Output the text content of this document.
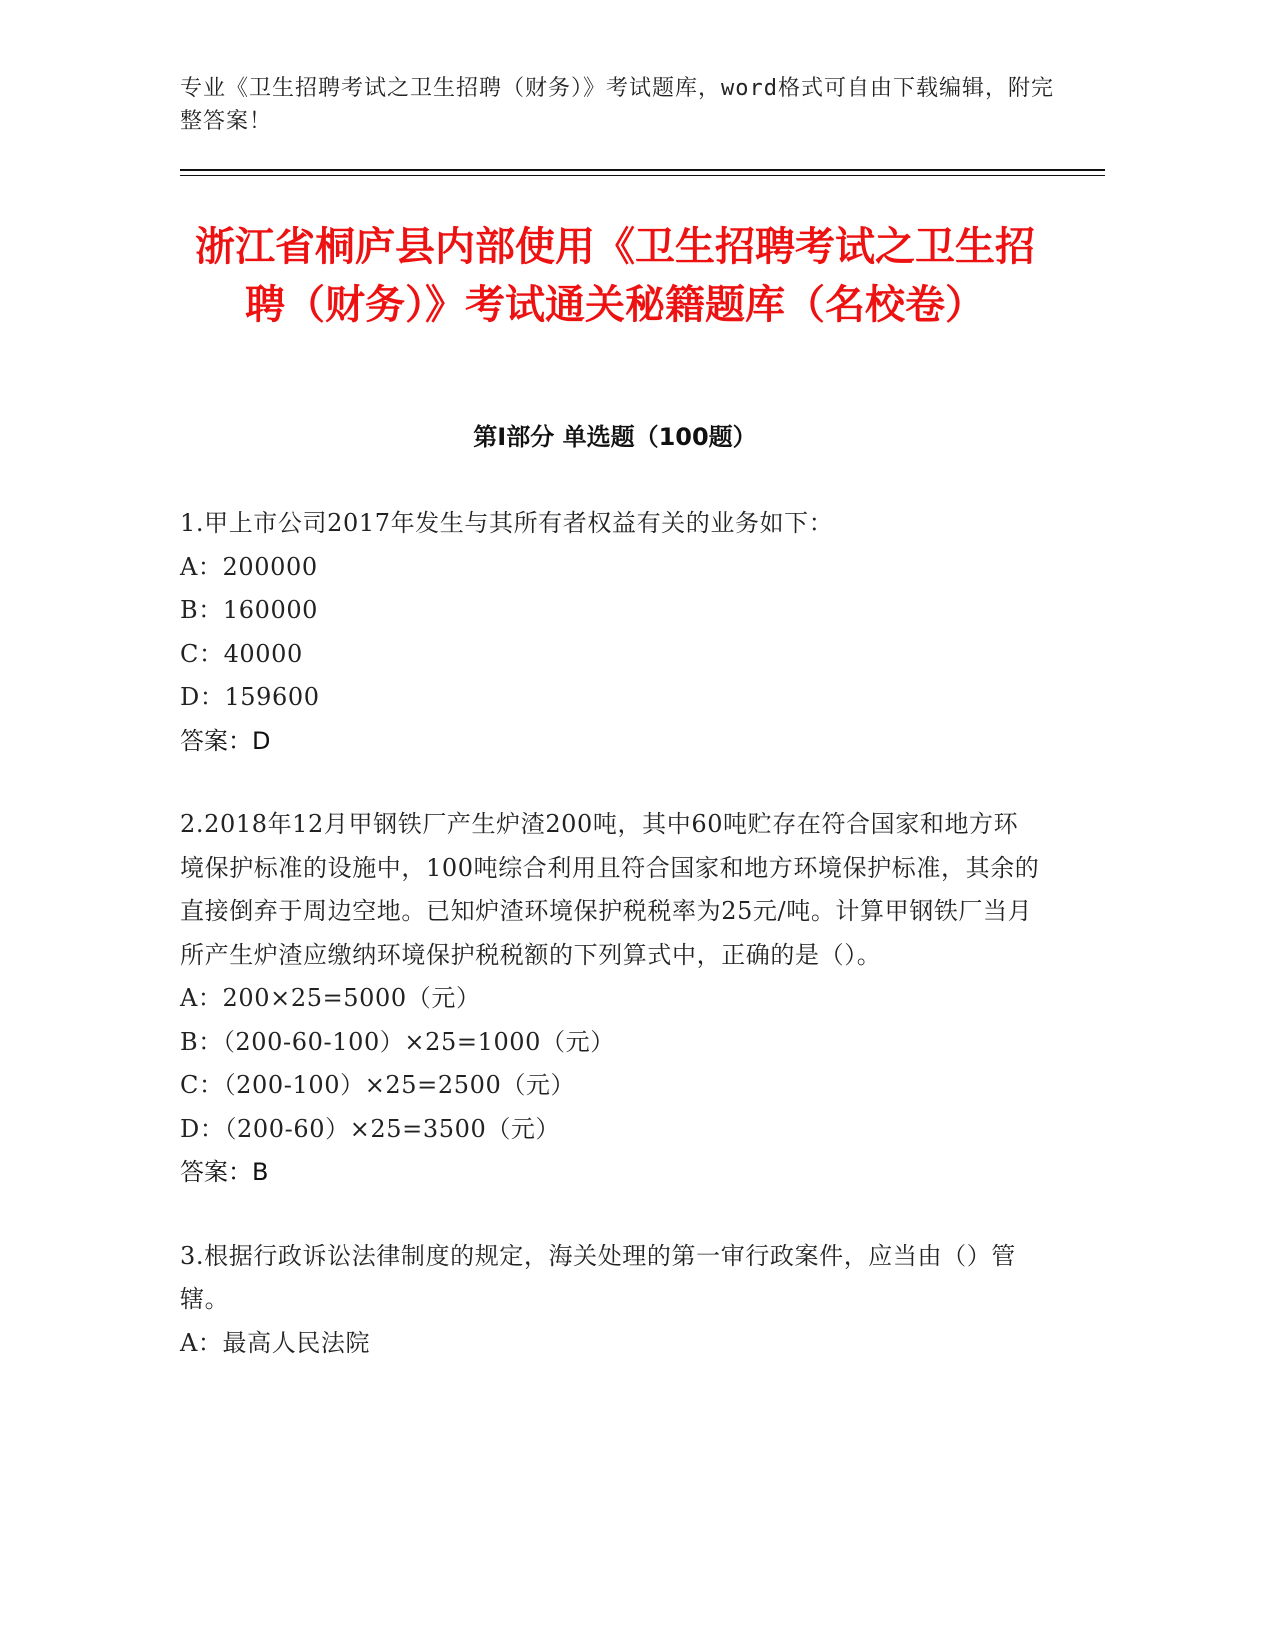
专业《卫生招聘考试之卫生招聘（财务）》考试题库，word格式可自由下载编辑，附完整答案！
浙江省桐庐县内部使用《卫生招聘考试之卫生招聘（财务）》考试通关秘籍题库（名校卷）
第I部分 单选题（100题）

1.甲上市公司2017年发生与其所有者权益有关的业务如下：

A：200000

B：160000

C：40000

D：159600

答案：D

2.2018年12月甲钢铁厂产生炉渣200吨，其中60吨贮存在符合国家和地方环境保护标准的设施中，100吨综合利用且符合国家和地方环境保护标准，其余的直接倒弃于周边空地。已知炉渣环境保护税税率为25元/吨。计算甲钢铁厂当月所产生炉渣应缴纳环境保护税税额的下列算式中，正确的是（）。

A：200×25=5000（元）

B：（200-60-100）×25=1000（元）

C：（200-100）×25=2500（元）

D：（200-60）×25=3500（元）

答案：B

3.根据行政诉讼法律制度的规定，海关处理的第一审行政案件，应当由（）管辖。

A：最高人民法院
